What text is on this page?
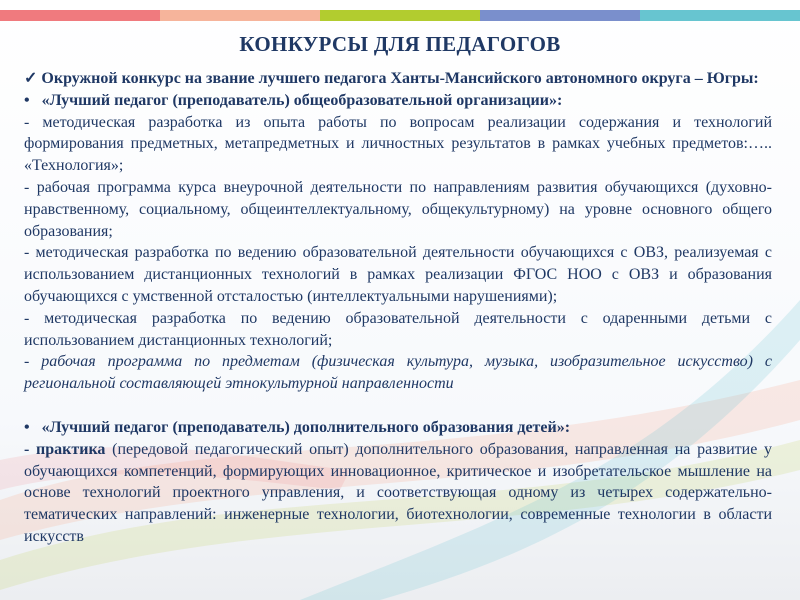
КОНКУРСЫ ДЛЯ ПЕДАГОГОВ

✓ Окружной конкурс на звание лучшего педагога Ханты-Мансийского автономного округа – Югры:

• «Лучший педагог (преподаватель) общеобразовательной организации»:

- методическая разработка из опыта работы по вопросам реализации содержания и технологий формирования предметных, метапредметных и личностных результатов в рамках учебных предметов:….. «Технология»;

- рабочая программа курса внеурочной деятельности по направлениям развития обучающихся (духовно-нравственному, социальному, общеинтеллектуальному, общекультурному) на уровне основного общего образования;

- методическая разработка по ведению образовательной деятельности обучающихся с ОВЗ, реализуемая с использованием дистанционных технологий в рамках реализации ФГОС НОО с ОВЗ и образования обучающихся с умственной отсталостью (интеллектуальными нарушениями);

- методическая разработка по ведению образовательной деятельности с одаренными детьми с использованием дистанционных технологий;

- рабочая программа по предметам (физическая культура, музыка, изобразительное искусство) с региональной составляющей этнокультурной направленности

• «Лучший педагог (преподаватель) дополнительного образования детей»:

- практика (передовой педагогический опыт) дополнительного образования, направленная на развитие у обучающихся компетенций, формирующих инновационное, критическое и изобретательское мышление на основе технологий проектного управления, и соответствующая одному из четырех содержательно-тематических направлений: инженерные технологии, биотехнологии, современные технологии в области искусств
